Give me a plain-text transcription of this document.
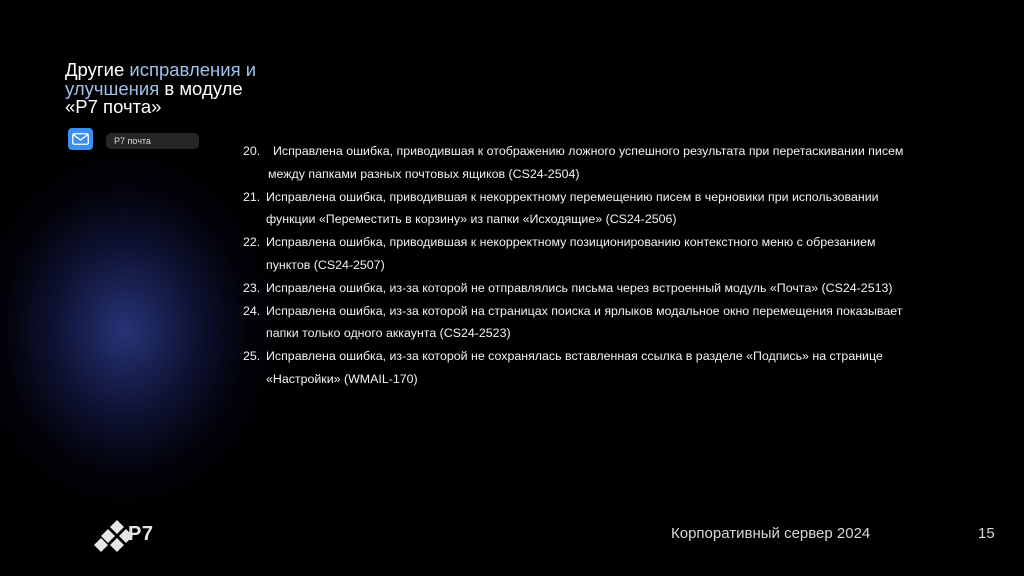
Другие исправления и
улучшения в модуле
«Р7 почта»
Р7 почта
20.	Исправлена ошибка, приводившая к отображению ложного успешного результата при перетаскивании писем
между папками разных почтовых ящиков (CS24-2504)
21. Исправлена ошибка, приводившая к некорректному перемещению писем в черновики при использовании
функции «Переместить в корзину» из папки «Исходящие» (CS24-2506)
22. Исправлена ошибка, приводившая к некорректному позиционированию контекстного меню с обрезанием
пунктов (CS24-2507)
23. Исправлена ошибка, из-за которой не отправлялись письма через встроенный модуль «Почта» (CS24-2513)
24. Исправлена ошибка, из-за которой на страницах поиска и ярлыков модальное окно перемещения показывает
папки только одного аккаунта (CS24-2523)
25. Исправлена ошибка, из-за которой не сохранялась вставленная ссылка в разделе «Подпись» на странице
«Настройки» (WMAIL-170)
Р7	Корпоративный сервер 2024	15
